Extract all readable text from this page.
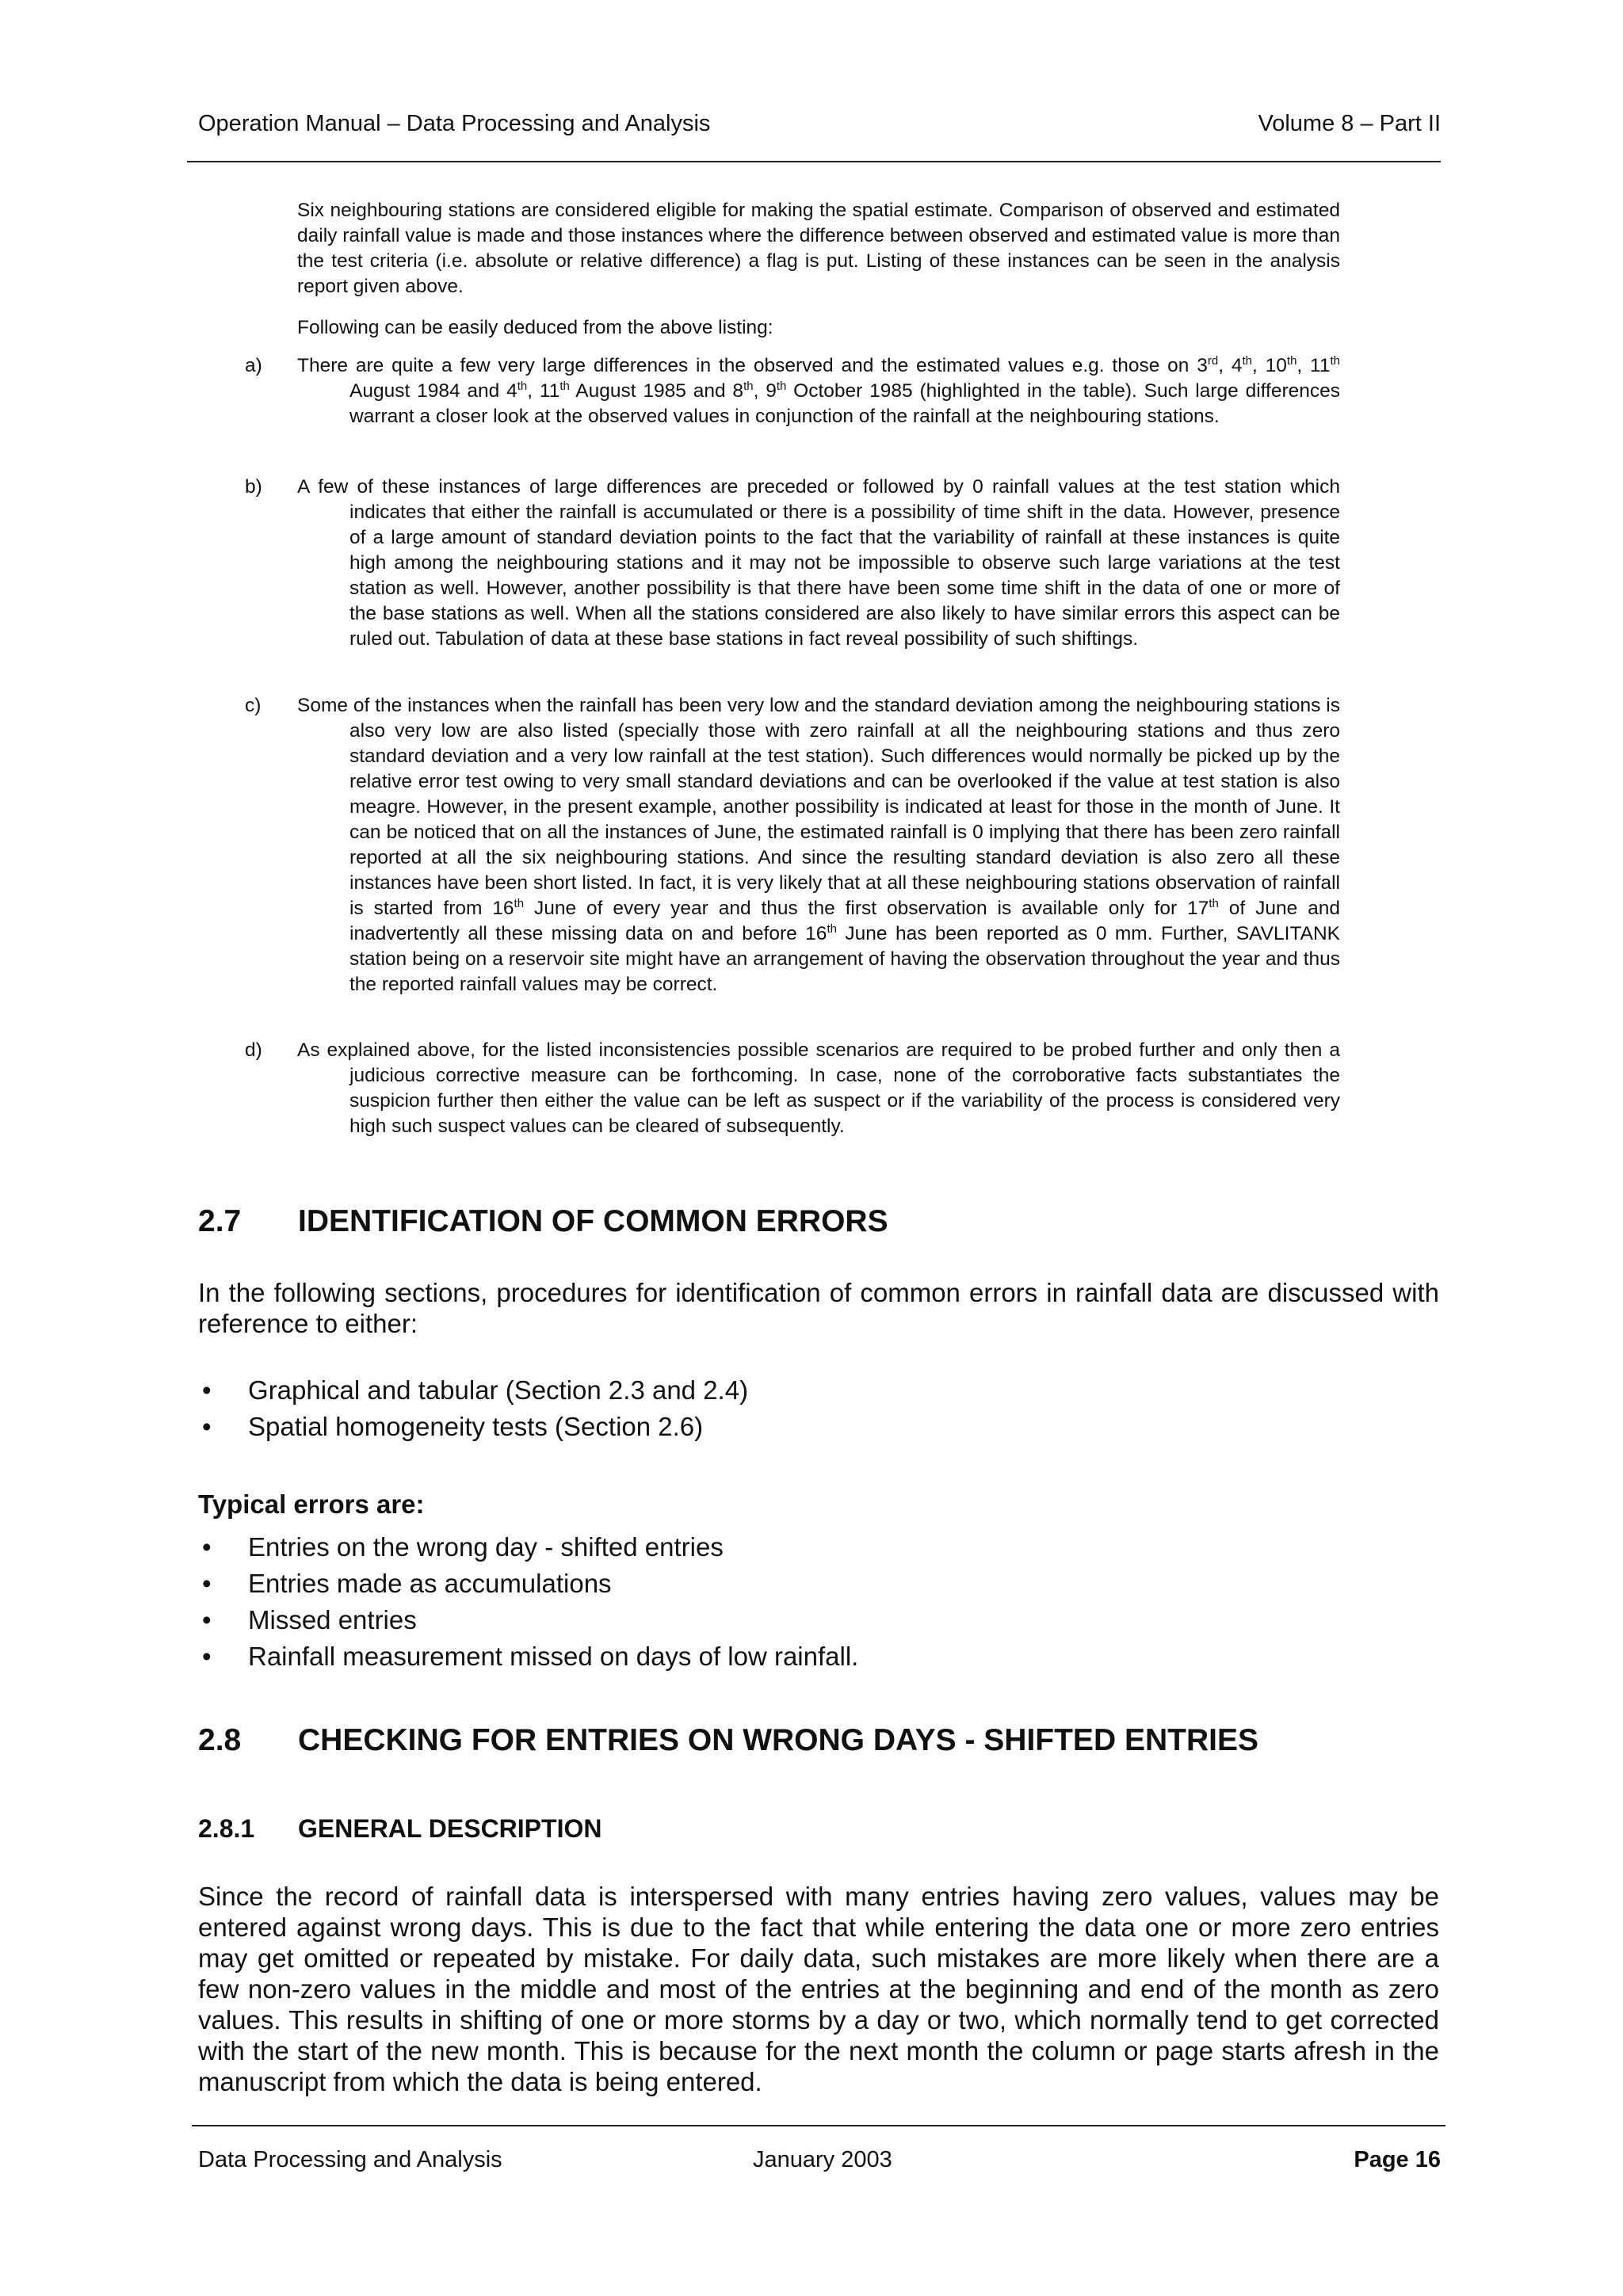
Operation Manual – Data Processing and Analysis	Volume 8 – Part II

Six neighbouring stations are considered eligible for making the spatial estimate. Comparison of observed and estimated daily rainfall value is made and those instances where the difference between observed and estimated value is more than the test criteria (i.e. absolute or relative difference) a flag is put. Listing of these instances can be seen in the analysis report given above.

Following can be easily deduced from the above listing:

a) There are quite a few very large differences in the observed and the estimated values e.g. those on 3rd, 4th, 10th, 11th August 1984 and 4th, 11th August 1985 and 8th, 9th October 1985 (highlighted in the table). Such large differences warrant a closer look at the observed values in conjunction of the rainfall at the neighbouring stations.
b) A few of these instances of large differences are preceded or followed by 0 rainfall values at the test station which indicates that either the rainfall is accumulated or there is a possibility of time shift in the data. However, presence of a large amount of standard deviation points to the fact that the variability of rainfall at these instances is quite high among the neighbouring stations and it may not be impossible to observe such large variations at the test station as well. However, another possibility is that there have been some time shift in the data of one or more of the base stations as well. When all the stations considered are also likely to have similar errors this aspect can be ruled out. Tabulation of data at these base stations in fact reveal possibility of such shiftings.
c) Some of the instances when the rainfall has been very low and the standard deviation among the neighbouring stations is also very low are also listed (specially those with zero rainfall at all the neighbouring stations and thus zero standard deviation and a very low rainfall at the test station). Such differences would normally be picked up by the relative error test owing to very small standard deviations and can be overlooked if the value at test station is also meagre. However, in the present example, another possibility is indicated at least for those in the month of June. It can be noticed that on all the instances of June, the estimated rainfall is 0 implying that there has been zero rainfall reported at all the six neighbouring stations. And since the resulting standard deviation is also zero all these instances have been short listed. In fact, it is very likely that at all these neighbouring stations observation of rainfall is started from 16th June of every year and thus the first observation is available only for 17th of June and inadvertently all these missing data on and before 16th June has been reported as 0 mm. Further, SAVLITANK station being on a reservoir site might have an arrangement of having the observation throughout the year and thus the reported rainfall values may be correct.
d) As explained above, for the listed inconsistencies possible scenarios are required to be probed further and only then a judicious corrective measure can be forthcoming. In case, none of the corroborative facts substantiates the suspicion further then either the value can be left as suspect or if the variability of the process is considered very high such suspect values can be cleared of subsequently.
2.7 IDENTIFICATION OF COMMON ERRORS

In the following sections, procedures for identification of common errors in rainfall data are discussed with reference to either:

• Graphical and tabular (Section 2.3 and 2.4)
• Spatial homogeneity tests (Section 2.6)
Typical errors are:
• Entries on the wrong day - shifted entries
• Entries made as accumulations
• Missed entries
• Rainfall measurement missed on days of low rainfall.
2.8 CHECKING FOR ENTRIES ON WRONG DAYS - SHIFTED ENTRIES
2.8.1 GENERAL DESCRIPTION

Since the record of rainfall data is interspersed with many entries having zero values, values may be entered against wrong days. This is due to the fact that while entering the data one or more zero entries may get omitted or repeated by mistake. For daily data, such mistakes are more likely when there are a few non-zero values in the middle and most of the entries at the beginning and end of the month as zero values. This results in shifting of one or more storms by a day or two, which normally tend to get corrected with the start of the new month. This is because for the next month the column or page starts afresh in the manuscript from which the data is being entered.

Data Processing and Analysis	January 2003	Page 16
